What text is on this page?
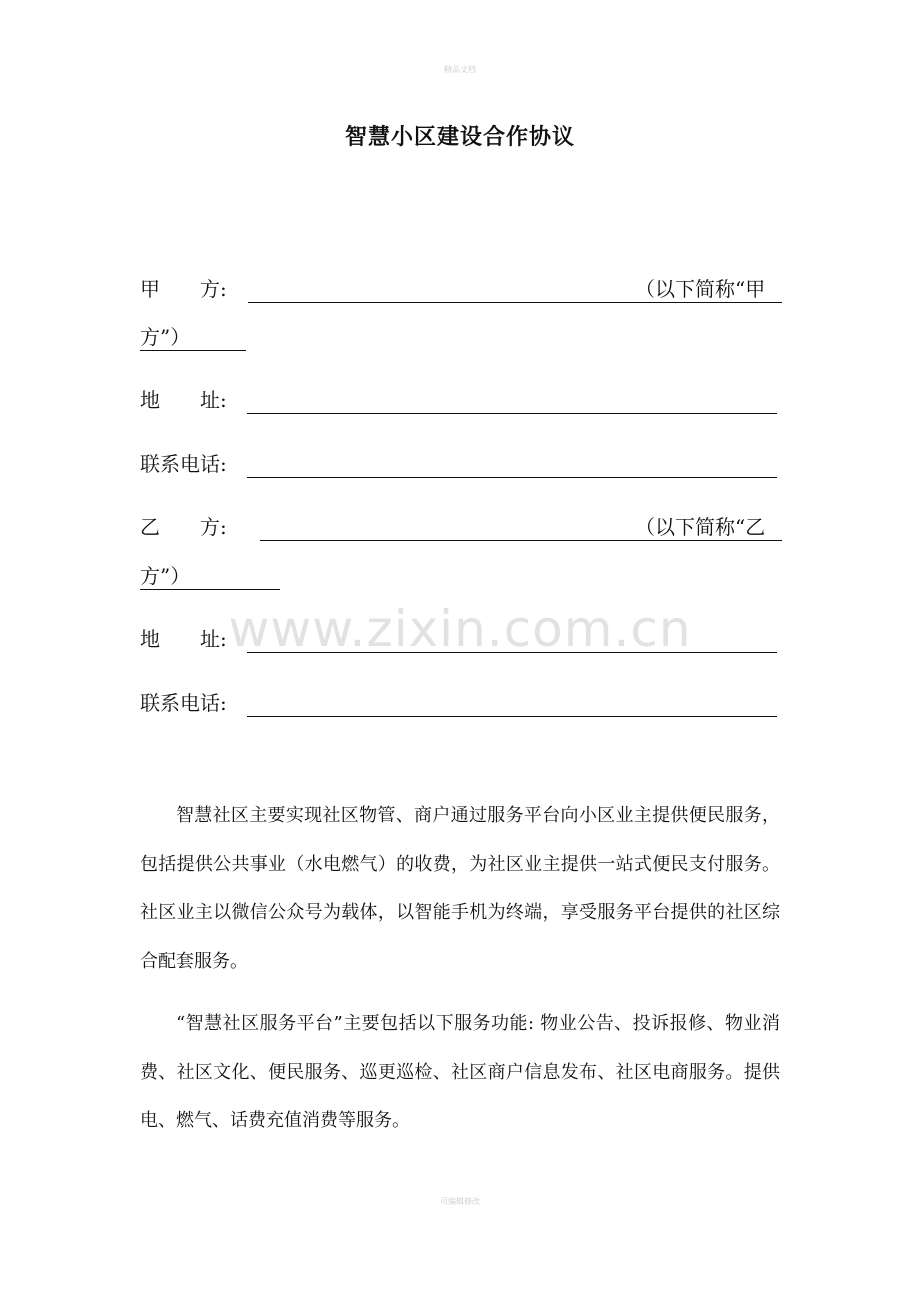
精品文档
智慧小区建设合作协议
甲　　方:	（以下简称“甲
方”）
地　　址:
联系电话:
乙　　方:	（以下简称“乙
方”）
地　　址:
联系电话:
www.zixin.com.cn

智慧社区主要实现社区物管、商户通过服务平台向小区业主提供便民服务，包括提供公共事业（水电燃气）的收费，为社区业主提供一站式便民支付服务。社区业主以微信公众号为载体，以智能手机为终端，享受服务平台提供的社区综合配套服务。

“智慧社区服务平台”主要包括以下服务功能: 物业公告、投诉报修、物业消费、社区文化、便民服务、巡更巡检、社区商户信息发布、社区电商服务。提供电、燃气、话费充值消费等服务。

可编辑修改
